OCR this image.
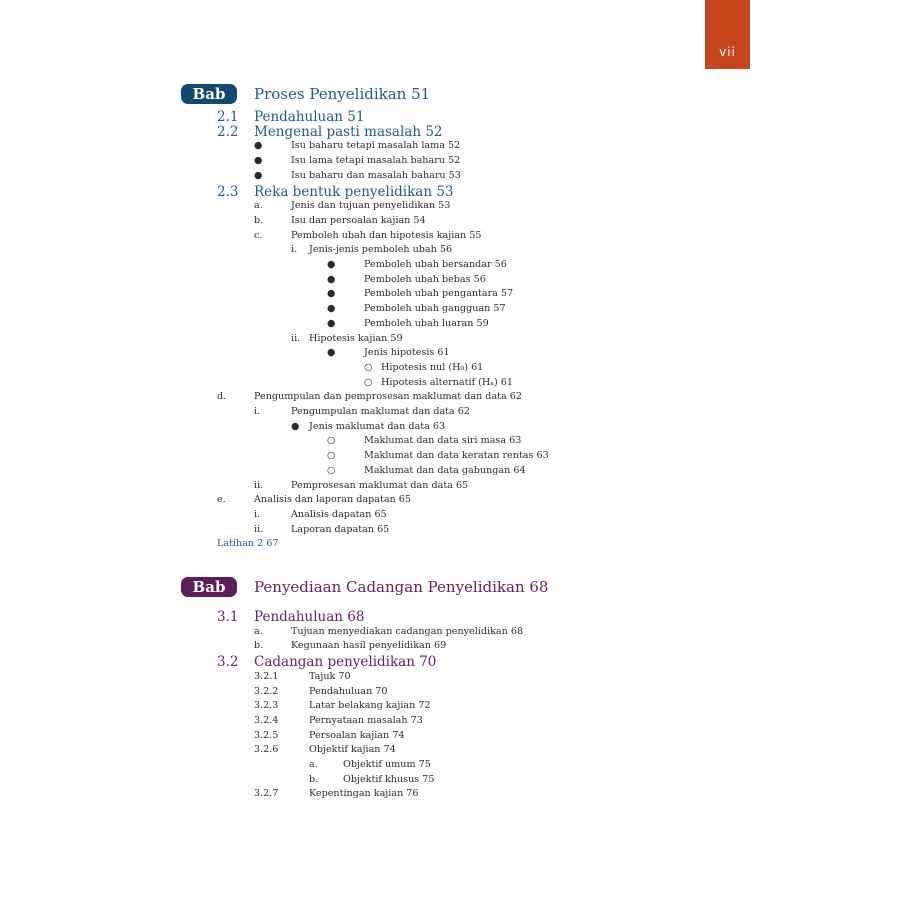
vii
Bab 2
Proses Penyelidikan 51
2.1 Pendahuluan 51
2.2 Mengenal pasti masalah 52
●	Isu baharu tetapi masalah lama 52
●	Isu lama tetapi masalah baharu 52
●	Isu baharu dan masalah baharu 53
2.3 Reka bentuk penyelidikan 53
a.	Jenis dan tujuan penyelidikan 53
b.	Isu dan persoalan kajian 54
c.	Pemboleh ubah dan hipotesis kajian 55
i. Jenis-jenis pemboleh ubah 56
●	Pemboleh ubah bersandar 56
●	Pemboleh ubah bebas 56
●	Pemboleh ubah pengantara 57
●	Pemboleh ubah gangguan 57
●	Pemboleh ubah luaran 59
ii. Hipotesis kajian 59
●	Jenis hipotesis 61
○ Hipotesis nul (H₀) 61
○ Hipotesis alternatif (Hₐ) 61
d.	Pengumpulan dan pemprosesan maklumat dan data 62
i.	Pengumpulan maklumat dan data 62
● Jenis maklumat dan data 63
○	Maklumat dan data siri masa 63
○	Maklumat dan data keratan rentas 63
○	Maklumat dan data gabungan 64
ii.	Pemprosesan maklumat dan data 65
e.	Analisis dan laporan dapatan 65
i.	Analisis dapatan 65
ii.	Laporan dapatan 65
Latihan 2 67
Bab 3
Penyediaan Cadangan Penyelidikan 68
3.1 Pendahuluan 68
a.	Tujuan menyediakan cadangan penyelidikan 68
b.	Kegunaan hasil penyelidikan 69
3.2 Cadangan penyelidikan 70
3.2.1	Tajuk 70
3.2.2	Pendahuluan 70
3.2.3	Latar belakang kajian 72
3.2.4	Pernyataan masalah 73
3.2.5	Persoalan kajian 74
3.2.6	Objektif kajian 74
a.	Objektif umum 75
b.	Objektif khusus 75
3.2.7	Kepentingan kajian 76
